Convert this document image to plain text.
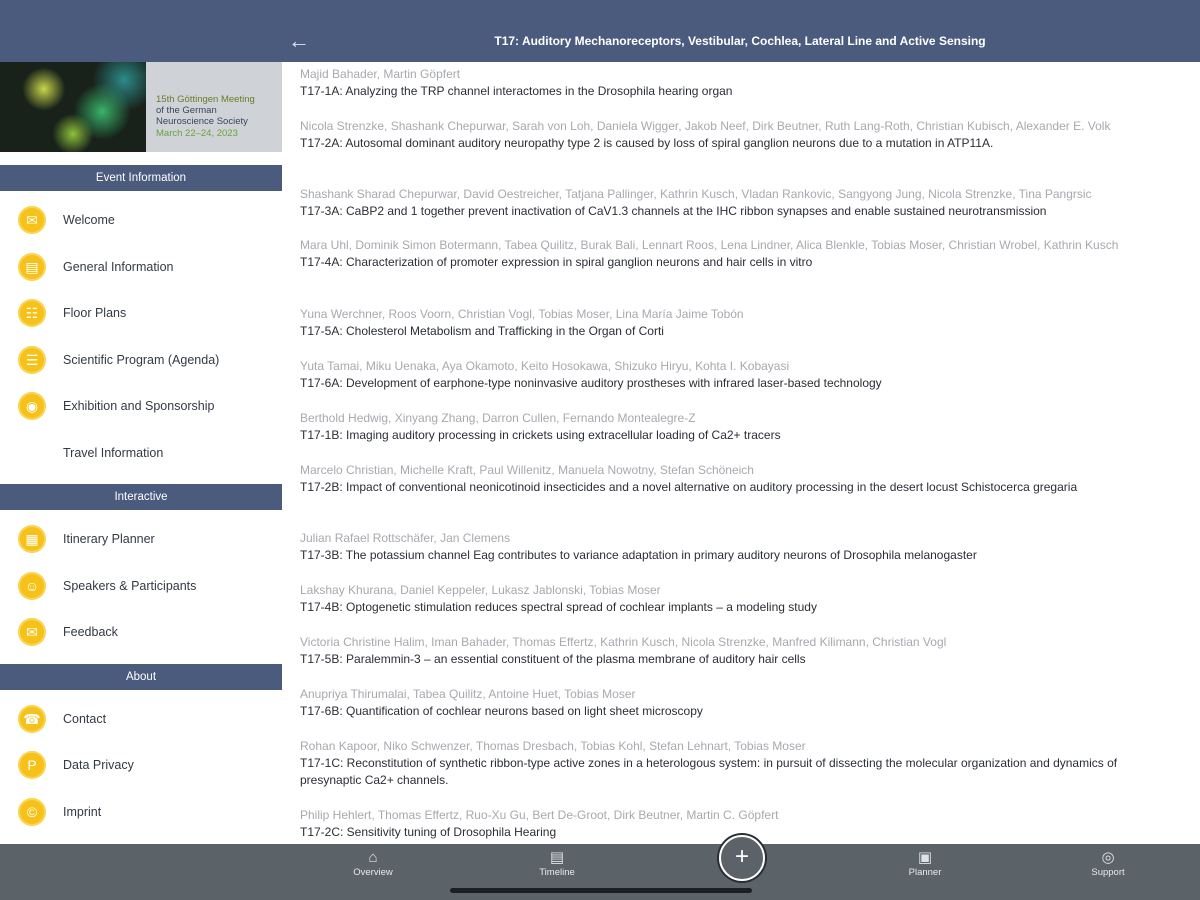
←	T17: Auditory Mechanoreceptors, Vestibular, Cochlea, Lateral Line and Active Sensing
15th Göttingen Meeting
of the German
Neuroscience Society
March 22–24, 2023
Event Information
✉	Welcome
▤	General Information
☷	Floor Plans
☰	Scientific Program (Agenda)
◉	Exhibition and Sponsorship
Travel Information
Interactive
▦	Itinerary Planner
☺	Speakers & Participants
✉	Feedback
About
☎	Contact
P	Data Privacy
©	Imprint
Majid Bahader, Martin Göpfert
T17-1A: Analyzing the TRP channel interactomes in the Drosophila hearing organ
Nicola Strenzke, Shashank Chepurwar, Sarah von Loh, Daniela Wigger, Jakob Neef, Dirk Beutner, Ruth Lang-Roth, Christian Kubisch, Alexander E. Volk
T17-2A: Autosomal dominant auditory neuropathy type 2 is caused by loss of spiral ganglion neurons due to a mutation in ATP11A.
Shashank Sharad Chepurwar, David Oestreicher, Tatjana Pallinger, Kathrin Kusch, Vladan Rankovic, Sangyong Jung, Nicola Strenzke, Tina Pangrsic
T17-3A: CaBP2 and 1 together prevent inactivation of CaV1.3 channels at the IHC ribbon synapses and enable sustained neurotransmission
Mara Uhl, Dominik Simon Botermann, Tabea Quilitz, Burak Bali, Lennart Roos, Lena Lindner, Alica Blenkle, Tobias Moser, Christian Wrobel, Kathrin Kusch
T17-4A: Characterization of promoter expression in spiral ganglion neurons and hair cells in vitro
Yuna Werchner, Roos Voorn, Christian Vogl, Tobias Moser, Lina María Jaime Tobón
T17-5A: Cholesterol Metabolism and Trafficking in the Organ of Corti
Yuta Tamai, Miku Uenaka, Aya Okamoto, Keito Hosokawa, Shizuko Hiryu, Kohta I. Kobayasi
T17-6A: Development of earphone-type noninvasive auditory prostheses with infrared laser-based technology
Berthold Hedwig, Xinyang Zhang, Darron Cullen, Fernando Montealegre-Z
T17-1B: Imaging auditory processing in crickets using extracellular loading of Ca2+ tracers
Marcelo Christian, Michelle Kraft, Paul Willenitz, Manuela Nowotny, Stefan Schöneich
T17-2B: Impact of conventional neonicotinoid insecticides and a novel alternative on auditory processing in the desert locust Schistocerca gregaria
Julian Rafael Rottschäfer, Jan Clemens
T17-3B: The potassium channel Eag contributes to variance adaptation in primary auditory neurons of Drosophila melanogaster
Lakshay Khurana, Daniel Keppeler, Lukasz Jablonski, Tobias Moser
T17-4B: Optogenetic stimulation reduces spectral spread of cochlear implants – a modeling study
Victoria Christine Halim, Iman Bahader, Thomas Effertz, Kathrin Kusch, Nicola Strenzke, Manfred Kilimann, Christian Vogl
T17-5B: Paralemmin-3 – an essential constituent of the plasma membrane of auditory hair cells
Anupriya Thirumalai, Tabea Quilitz, Antoine Huet, Tobias Moser
T17-6B: Quantification of cochlear neurons based on light sheet microscopy
Rohan Kapoor, Niko Schwenzer, Thomas Dresbach, Tobias Kohl, Stefan Lehnart, Tobias Moser
T17-1C: Reconstitution of synthetic ribbon-type active zones in a heterologous system: in pursuit of dissecting the molecular organization and dynamics of presynaptic Ca2+ channels.
Philip Hehlert, Thomas Effertz, Ruo-Xu Gu, Bert De-Groot, Dirk Beutner, Martin C. Göpfert
T17-2C: Sensitivity tuning of Drosophila Hearing
⌂
Overview
▤
Timeline
▣
Planner
◎
Support
+
